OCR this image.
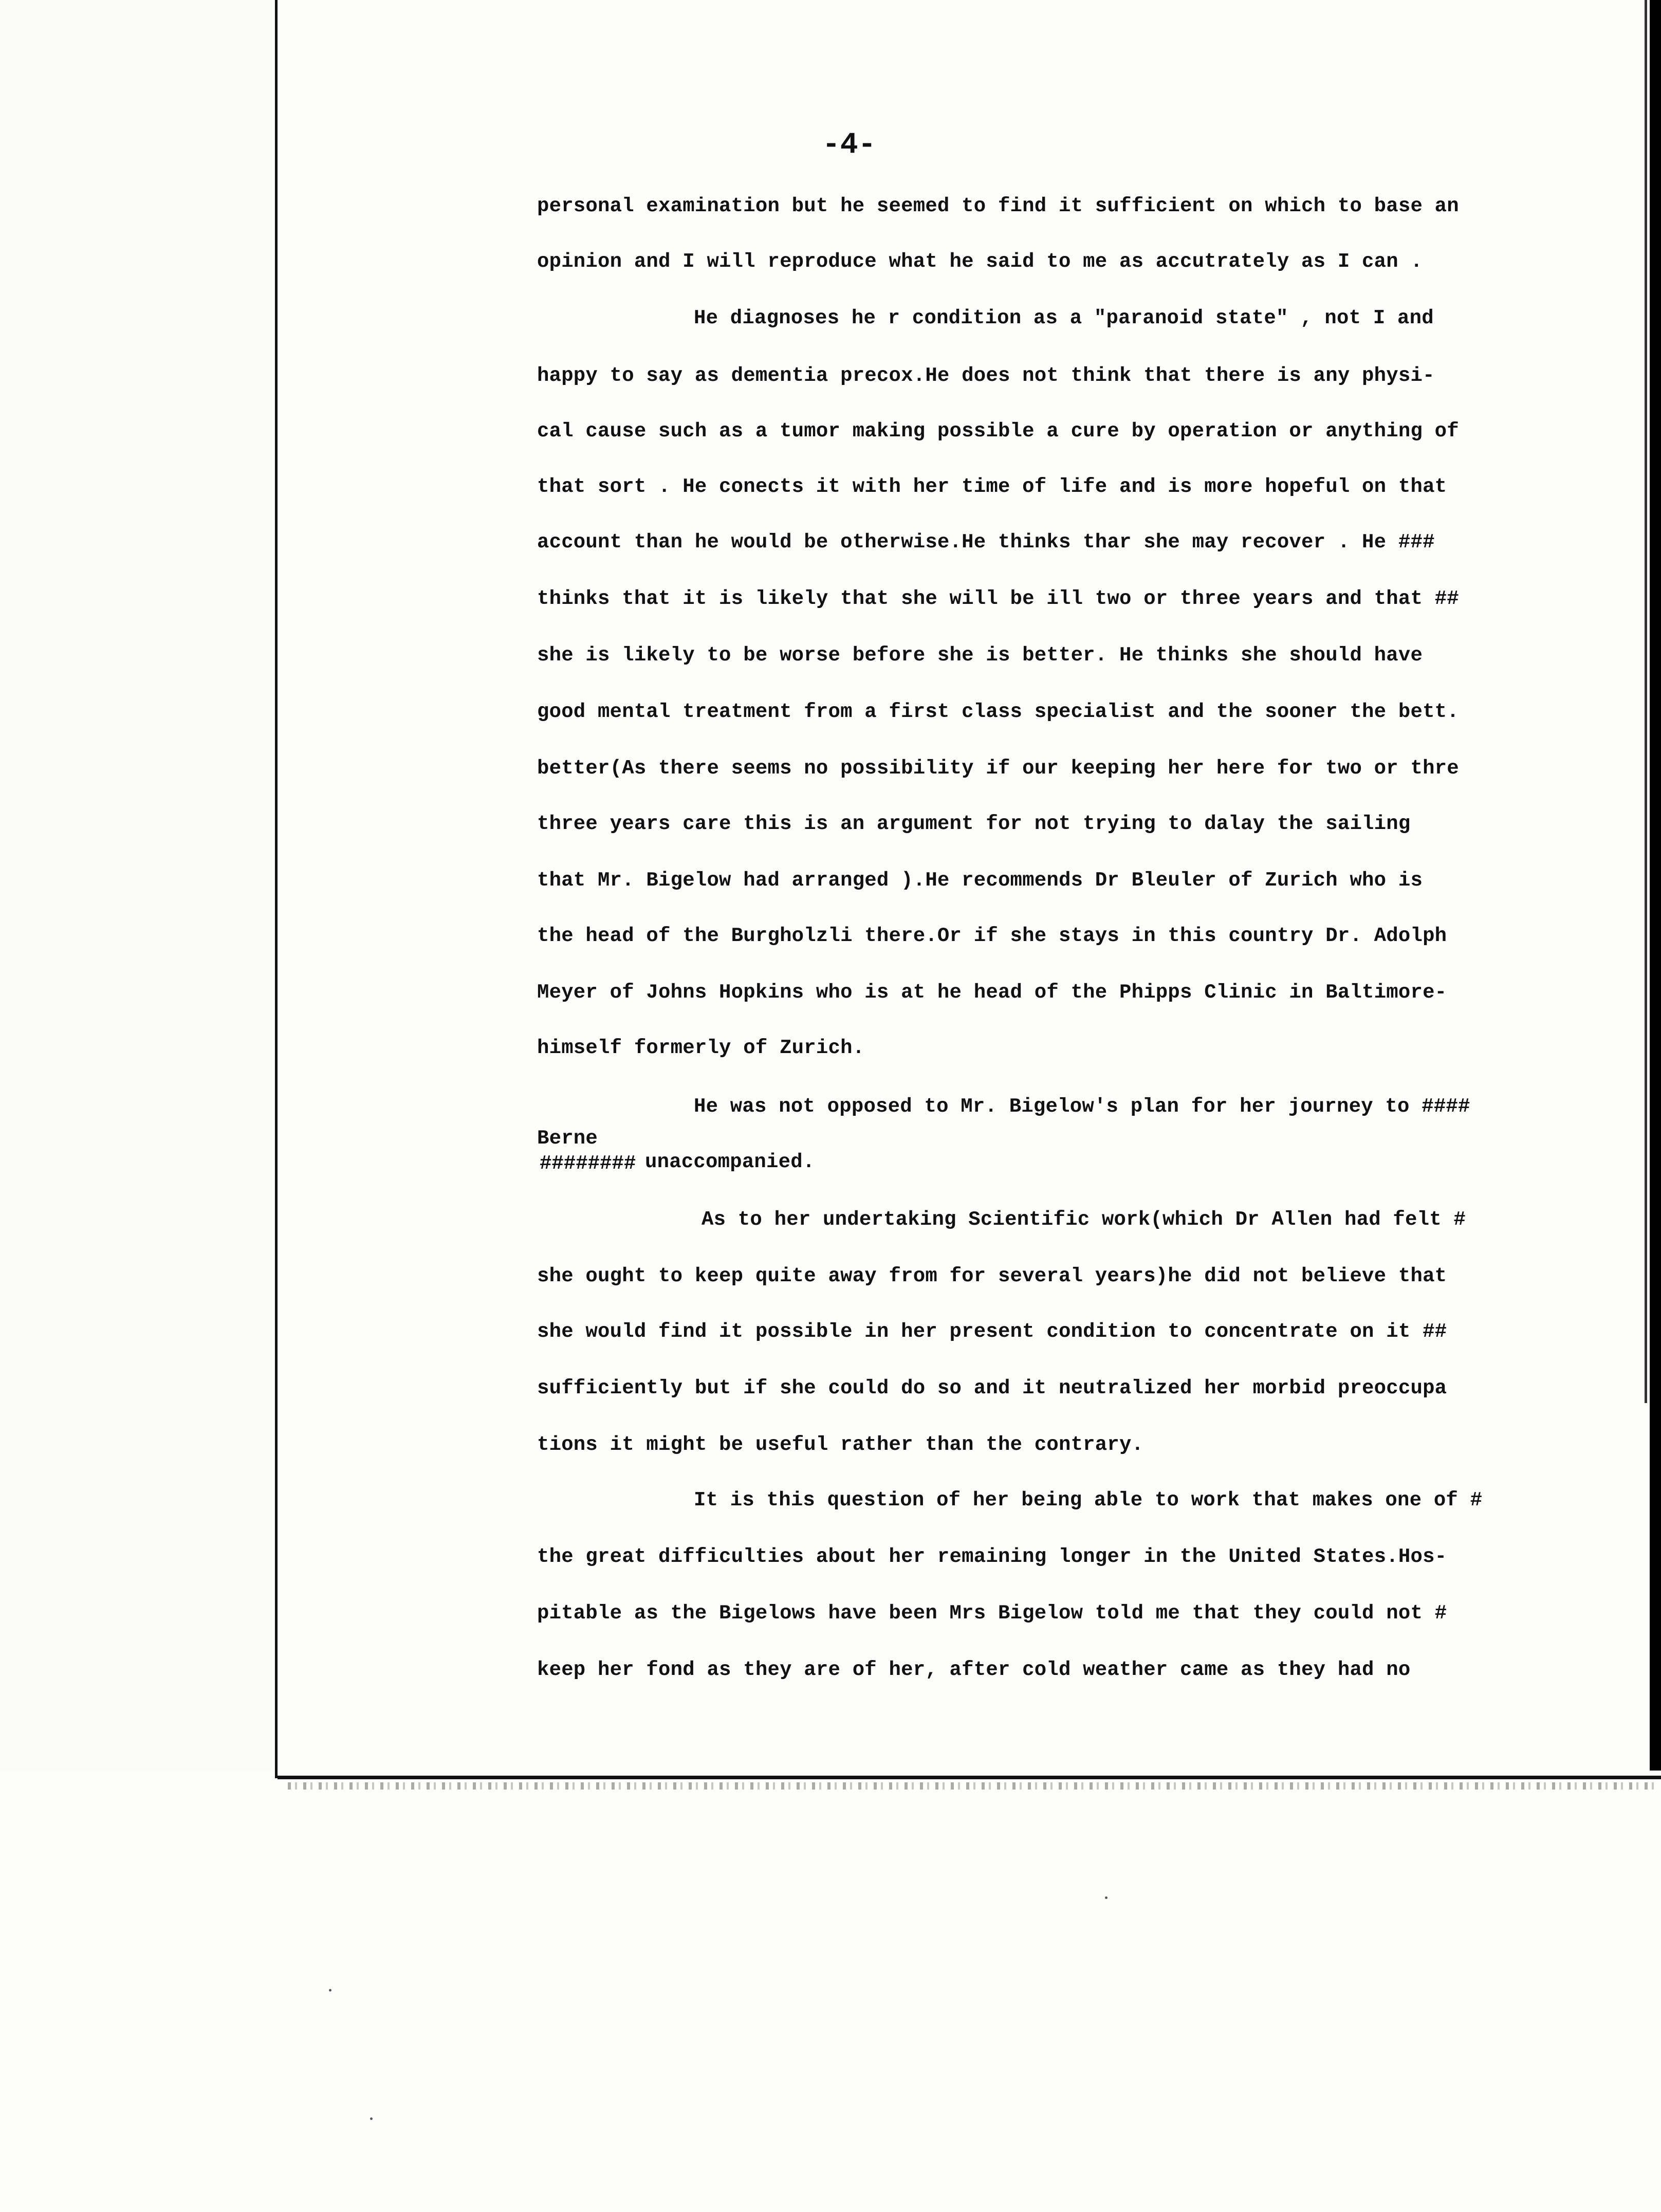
-4-
personal examination but he seemed to find it sufficient on which to base an
opinion and I will reproduce what he said to me as accutrately as I can .
He diagnoses he r condition as a "paranoid state" , not I and
happy to say as dementia precox.He does not think that there is any physi-
cal cause such as a tumor making possible a cure by operation or anything of
that sort . He conects it with her time of life and is more hopeful on that
account than he would be otherwise.He thinks thar she may recover . He ###
thinks that it is likely that she will be ill two or three years and that ##
she is likely to be worse before she is better. He thinks she should have
good mental treatment from a first class specialist and the sooner the bett.
better(As there seems no possibility if our keeping her here for two or thre
three years care this is an argument for not trying to dalay the sailing
that Mr. Bigelow had arranged ).He recommends Dr Bleuler of Zurich who is
the head of the Burgholzli there.Or if she stays in this country Dr. Adolph
Meyer of Johns Hopkins who is at he head of the Phipps Clinic in Baltimore-
himself formerly of Zurich.
He was not opposed to Mr. Bigelow's plan for her journey to ####
Berne
######## unaccompanied.
As to her undertaking Scientific work(which Dr Allen had felt #
she ought to keep quite away from for several years)he did not believe that
she would find it possible in her present condition to concentrate on it ##
sufficiently but if she could do so and it neutralized her morbid preoccupa
tions it might be useful rather than the contrary.
It is this question of her being able to work that makes one of #
the great difficulties about her remaining longer in the United States.Hos-
pitable as the Bigelows have been Mrs Bigelow told me that they could not #
keep her fond as they are of her, after cold weather came as they had no
